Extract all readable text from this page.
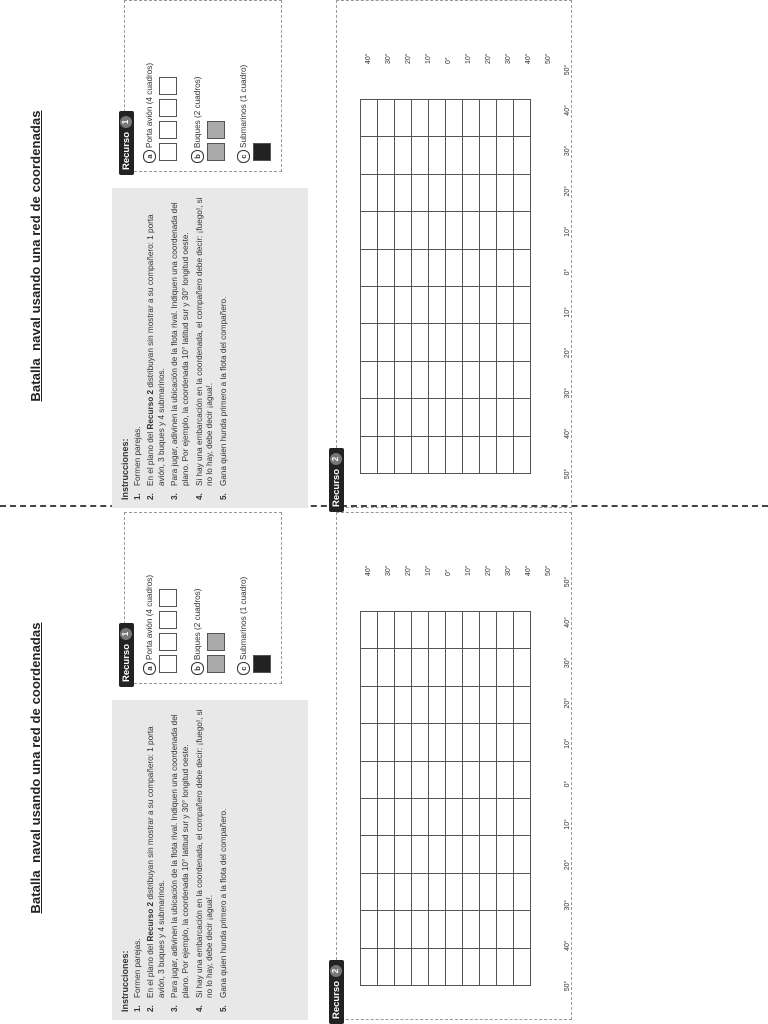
Batalla  naval usando una red de coordenadas
Instrucciones: 1.
Formen parejas.
2.
En el plano del Recurso 2 distribuyan sin mostrar a su compañero: 1 porta avión, 3 buques y 4 submarinos.
3.
Para jugar, adivinen la ubicación de la flota rival. Indiquen una coordenada del plano. Por ejemplo, la coordenada 10° latitud sur y 30° longitud oeste.
4.
Si hay una embarcación en la coordenada, el compañero debe decir: ¡fuego!, si no lo hay, debe decir ¡agua!.
5.
Gana quien hunda primero a la flota del compañero.
Recurso1
aPorta avión (4 cuadros)
bBuques (2 cuadros)
cSubmarinos (1 cuadro)
Recurso2

50°
40°
30°
20°
10°
0°
10°
20°
30°
40°
50°
40° 30° 20° 10° 0° 10° 20° 30° 40° 50°
Batalla  naval usando una red de coordenadas
Instrucciones: 1.
Formen parejas.
2.
En el plano del Recurso 2 distribuyan sin mostrar a su compañero: 1 porta avión, 3 buques y 4 submarinos.
3.
Para jugar, adivinen la ubicación de la flota rival. Indiquen una coordenada del plano. Por ejemplo, la coordenada 10° latitud sur y 30° longitud oeste.
4.
Si hay una embarcación en la coordenada, el compañero debe decir: ¡fuego!, si no lo hay, debe decir ¡agua!.
5.
Gana quien hunda primero a la flota del compañero.
Recurso1
aPorta avión (4 cuadros)
bBuques (2 cuadros)
cSubmarinos (1 cuadro)
Recurso2

50°
40°
30°
20°
10°
0°
10°
20°
30°
40°
50°
40° 30° 20° 10° 0° 10° 20° 30° 40° 50°
